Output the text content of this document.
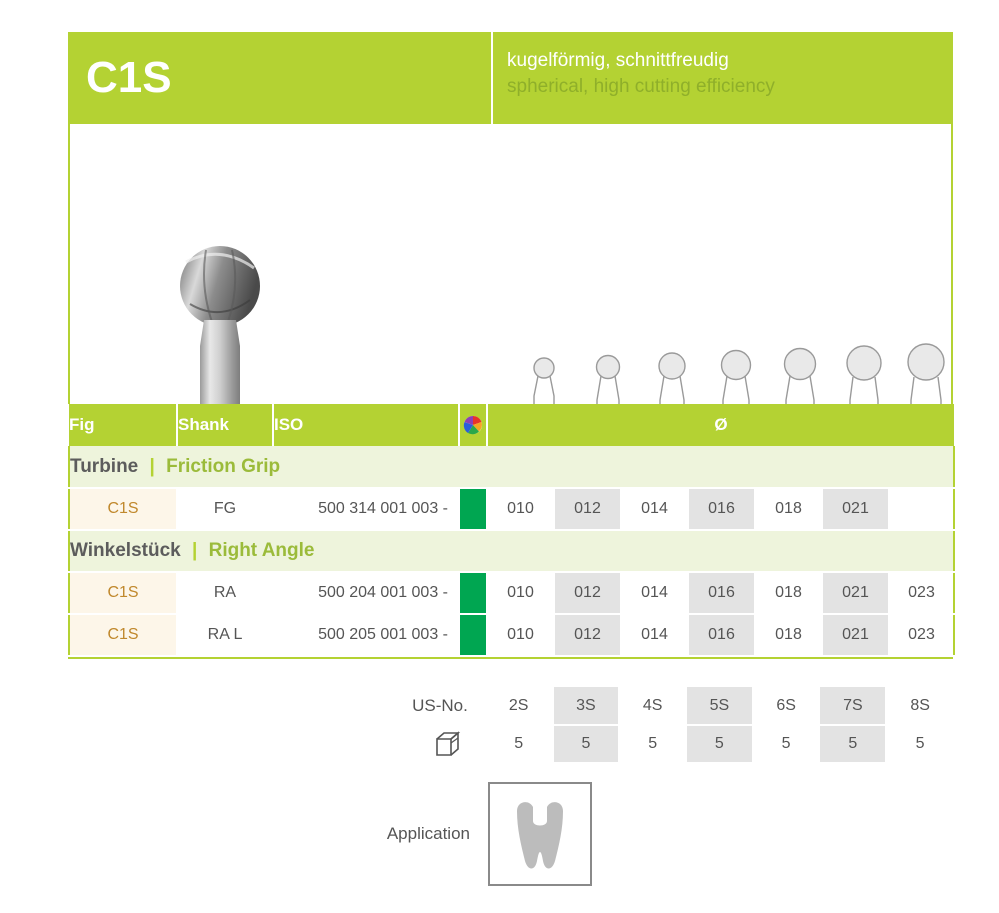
C1S	kugelförmig, schnittfreudig
spherical, high cutting efficiency
Fig	Shank	ISO		Ø						
Turbine | Friction Grip										
C1S	FG	500 314 001 003 -		010	012	014	016	018	021	
Winkelstück | Right Angle										
C1S	RA	500 204 001 003 -		010	012	014	016	018	021	023
C1S	RA L	500 205 001 003 -		010	012	014	016	018	021	023
US-No.	2S	3S	4S	5S	6S	7S	8S
	5	5	5	5	5	5	5
Application
